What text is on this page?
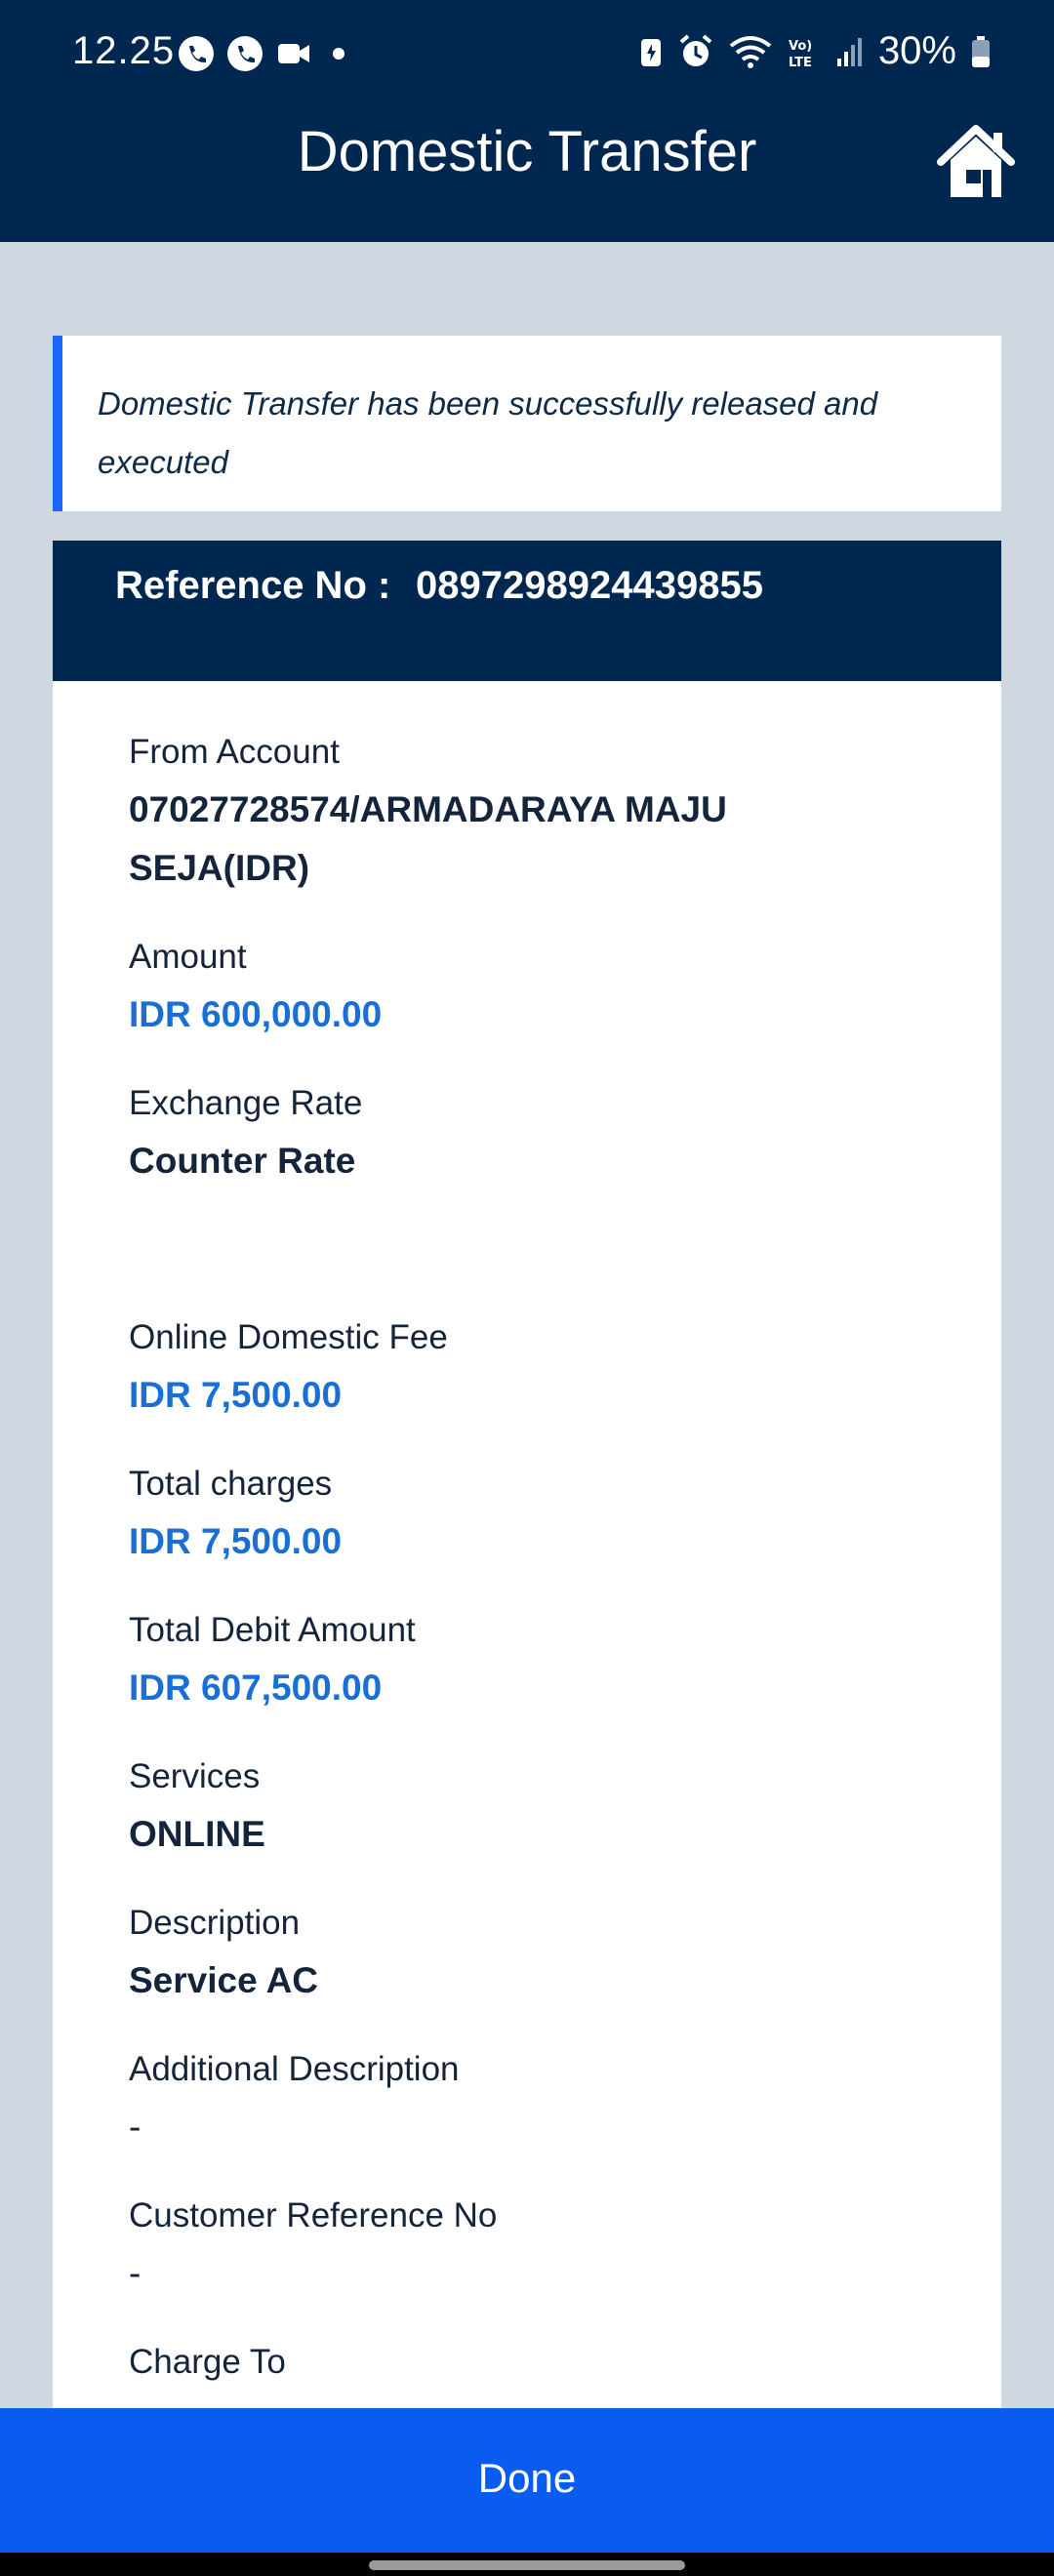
12.25	Vo)
LTE 30%
Domestic Transfer
Domestic Transfer has been successfully released and executed
Reference No : 0897298924439855
From Account
07027728574/ARMADARAYA MAJU SEJA(IDR)
Amount
IDR 600,000.00
Exchange Rate
Counter Rate
Online Domestic Fee
IDR 7,500.00
Total charges
IDR 7,500.00
Total Debit Amount
IDR 607,500.00
Services
ONLINE
Description
Service AC
Additional Description
-
Customer Reference No
-
Charge To
Done
